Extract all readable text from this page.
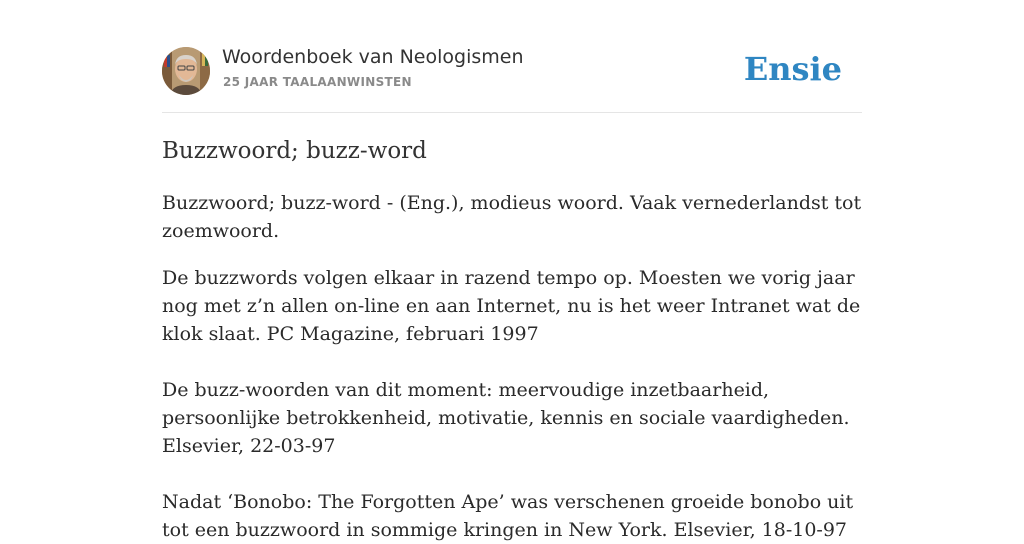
Woordenboek van Neologismen
25 JAAR TAALAANWINSTEN	Ensie
Buzzwoord; buzz-word

Buzzwoord; buzz-word - (Eng.), modieus woord. Vaak vernederlandst tot zoemwoord.

De buzzwords volgen elkaar in razend tempo op. Moesten we vorig jaar nog met z’n allen on-line en aan Internet, nu is het weer Intranet wat de klok slaat. PC Magazine, februari 1997

De buzz-woorden van dit moment: meervoudige inzetbaarheid, persoonlijke betrokkenheid, motivatie, kennis en sociale vaardigheden. Elsevier, 22-03-97

Nadat ‘Bonobo: The Forgotten Ape’ was verschenen groeide bonobo uit tot een buzzwoord in sommige kringen in New York. Elsevier, 18-10-97
